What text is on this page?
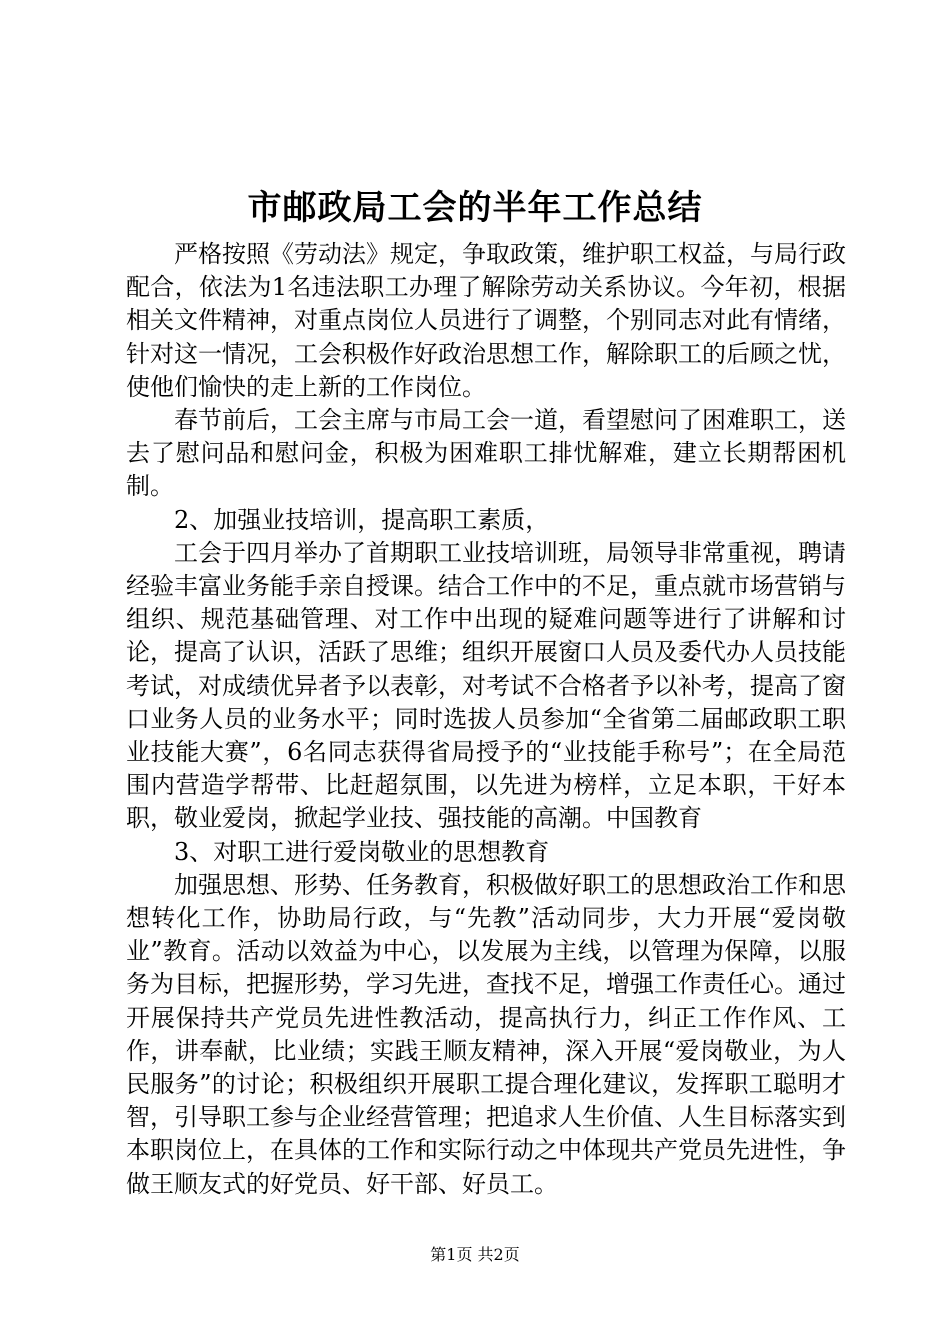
市邮政局工会的半年工作总结

严格按照《劳动法》规定，争取政策，维护职工权益，与局行政配合，依法为1名违法职工办理了解除劳动关系协议。今年初，根据相关文件精神，对重点岗位人员进行了调整，个别同志对此有情绪，针对这一情况，工会积极作好政治思想工作，解除职工的后顾之忧，使他们愉快的走上新的工作岗位。

春节前后，工会主席与市局工会一道，看望慰问了困难职工，送去了慰问品和慰问金，积极为困难职工排忧解难，建立长期帮困机制。

2、加强业技培训，提高职工素质，

工会于四月举办了首期职工业技培训班，局领导非常重视，聘请经验丰富业务能手亲自授课。结合工作中的不足，重点就市场营销与组织、规范基础管理、对工作中出现的疑难问题等进行了讲解和讨论，提高了认识，活跃了思维；组织开展窗口人员及委代办人员技能考试，对成绩优异者予以表彰，对考试不合格者予以补考，提高了窗口业务人员的业务水平；同时选拔人员参加“全省第二届邮政职工职业技能大赛”，6名同志获得省局授予的“业技能手称号”；在全局范围内营造学帮带、比赶超氛围，以先进为榜样，立足本职，干好本职，敬业爱岗，掀起学业技、强技能的高潮。中国教育

3、对职工进行爱岗敬业的思想教育

加强思想、形势、任务教育，积极做好职工的思想政治工作和思想转化工作，协助局行政，与“先教”活动同步，大力开展“爱岗敬业”教育。活动以效益为中心，以发展为主线，以管理为保障，以服务为目标，把握形势，学习先进，查找不足，增强工作责任心。通过开展保持共产党员先进性教活动，提高执行力，纠正工作作风、工作，讲奉献，比业绩；实践王顺友精神，深入开展“爱岗敬业，为人民服务”的讨论；积极组织开展职工提合理化建议，发挥职工聪明才智，引导职工参与企业经营管理；把追求人生价值、人生目标落实到本职岗位上，在具体的工作和实际行动之中体现共产党员先进性，争做王顺友式的好党员、好干部、好员工。

第1页 共2页
